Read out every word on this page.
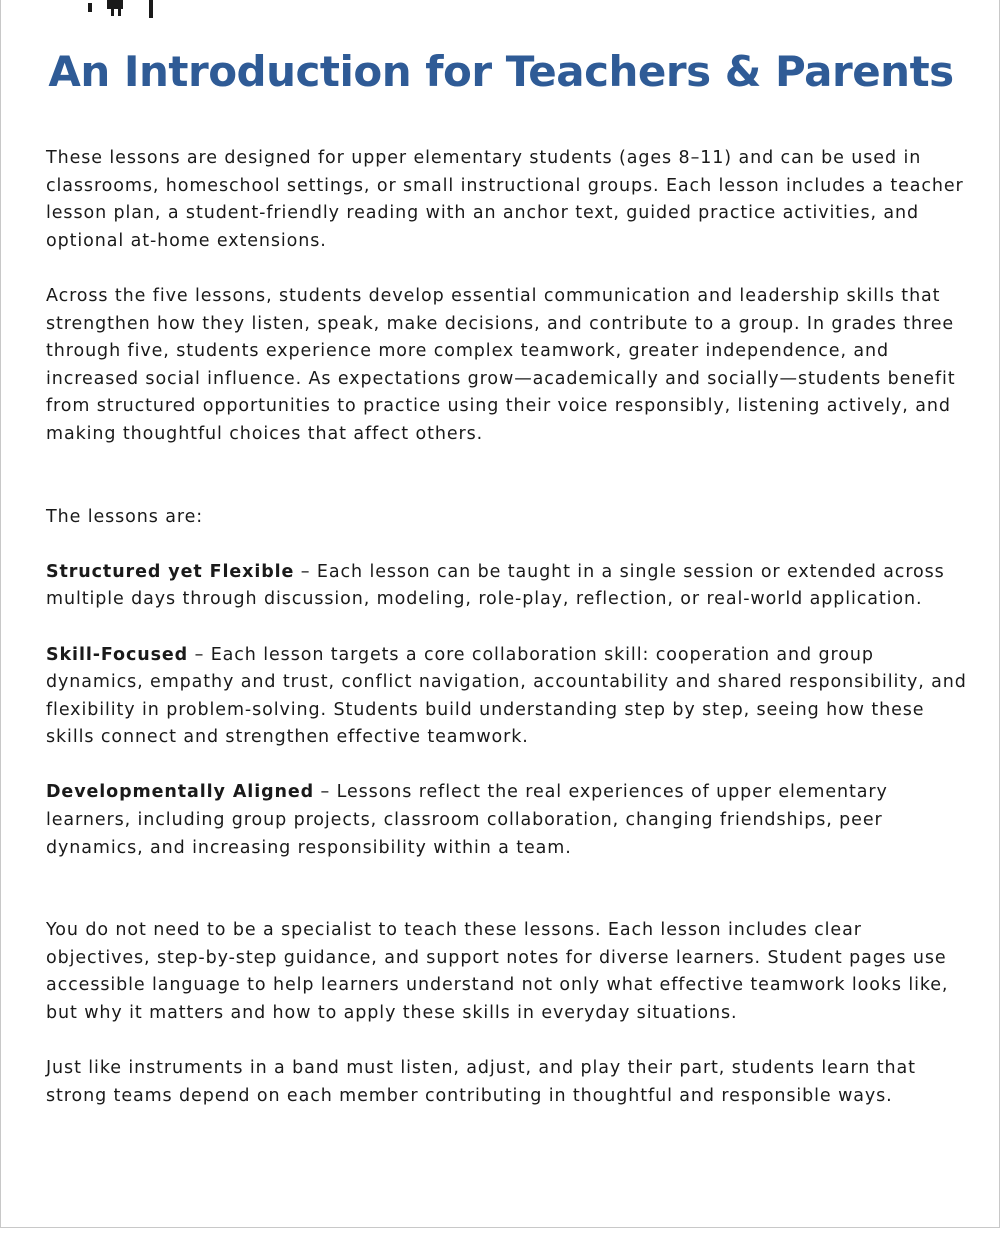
An Introduction for Teachers & Parents

These lessons are designed for upper elementary students (ages 8–11) and can be used in classrooms, homeschool settings, or small instructional groups. Each lesson includes a teacher lesson plan, a student-friendly reading with an anchor text, guided practice activities, and optional at-home extensions.

Across the five lessons, students develop essential communication and leadership skills that strengthen how they listen, speak, make decisions, and contribute to a group. In grades three through five, students experience more complex teamwork, greater independence, and increased social influence. As expectations grow—academically and socially—students benefit from structured opportunities to practice using their voice responsibly, listening actively, and making thoughtful choices that affect others.

The lessons are:

Structured yet Flexible – Each lesson can be taught in a single session or extended across multiple days through discussion, modeling, role-play, reflection, or real-world application.

Skill-Focused – Each lesson targets a core collaboration skill: cooperation and group dynamics, empathy and trust, conflict navigation, accountability and shared responsibility, and flexibility in problem-solving. Students build understanding step by step, seeing how these skills connect and strengthen effective teamwork.

Developmentally Aligned – Lessons reflect the real experiences of upper elementary learners, including group projects, classroom collaboration, changing friendships, peer dynamics, and increasing responsibility within a team.

You do not need to be a specialist to teach these lessons. Each lesson includes clear objectives, step-by-step guidance, and support notes for diverse learners. Student pages use accessible language to help learners understand not only what effective teamwork looks like, but why it matters and how to apply these skills in everyday situations.

Just like instruments in a band must listen, adjust, and play their part, students learn that strong teams depend on each member contributing in thoughtful and responsible ways.
